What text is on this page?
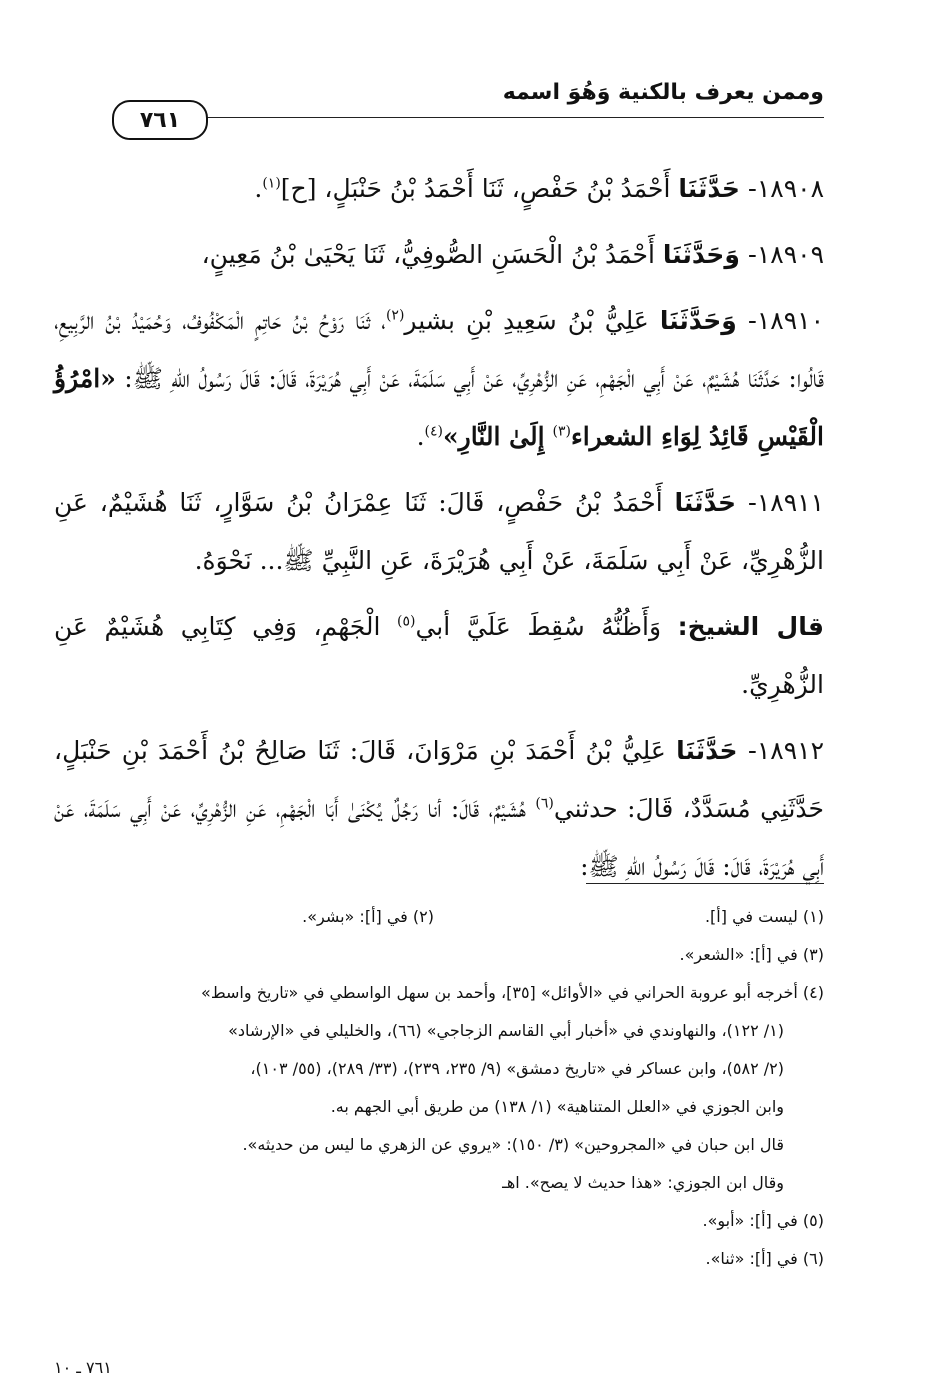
وممن يعرف بالكنية وَهُوَ اسمه
٧٦١

١٨٩٠٨- حَدَّثَنَا أَحْمَدُ بْنُ حَفْصٍ، ثَنَا أَحْمَدُ بْنُ حَنْبَلٍ، [ح]$^{(١)}$.

١٨٩٠٩- وَحَدَّثَنَا أَحْمَدُ بْنُ الْحَسَنِ الصُّوفِيُّ، ثَنَا يَحْيَىٰ بْنُ مَعِينٍ،

١٨٩١٠- وَحَدَّثَنَا عَلِيُّ بْنُ سَعِيدِ بْنِ بشير$^{(٢)}$، ثَنَا رَوْحُ بْنُ حَاتِمٍ الْمَكْفُوفُ، وَحُمَيْدُ بْنُ الرَّبِيعِ، قَالُوا: حَدَّثَنَا هُشَيْمٌ، عَنْ أَبِي الْجَهْمِ، عَنِ الزُّهْرِيِّ، عَنْ أَبِي سَلَمَةَ، عَنْ أَبِي هُرَيْرَةَ، قَالَ: قَالَ رَسُولُ اللهِ ﷺ: «امْرُؤُ الْقَيْسِ قَائِدُ لِوَاءِ الشعراء$^{(٣)}$ إِلَىٰ النَّارِ»$^{(٤)}$.

١٨٩١١- حَدَّثَنَا أَحْمَدُ بْنُ حَفْصٍ، قَالَ: ثَنَا عِمْرَانُ بْنُ سَوَّارٍ، ثَنَا هُشَيْمٌ، عَنِ الزُّهْرِيِّ، عَنْ أَبِي سَلَمَةَ، عَنْ أَبِي هُرَيْرَةَ، عَنِ النَّبِيِّ ﷺ... نَحْوَهُ.

قال الشيخ: وَأَظُنُّهُ سُقِطَ عَلَيَّ أبي$^{(٥)}$ الْجَهْمِ، وَفِي كِتَابِي هُشَيْمٌ عَنِ الزُّهْرِيِّ.

١٨٩١٢- حَدَّثَنَا عَلِيُّ بْنُ أَحْمَدَ بْنِ مَرْوَانَ، قَالَ: ثَنَا صَالِحُ بْنُ أَحْمَدَ بْنِ حَنْبَلٍ، حَدَّثَنِي مُسَدَّدٌ، قَالَ: حدثني$^{(٦)}$ هُشَيْمٌ، قَالَ: أنا رَجُلٌ يُكْنَىٰ أَبَا الْجَهْمِ، عَنِ الزُّهْرِيِّ، عَنْ أَبِي سَلَمَةَ، عَنْ أَبِي هُرَيْرَةَ، قَالَ: قَالَ رَسُولُ اللهِ ﷺ:

(١) ليست في [أ].

(٢) في [أ]: «بشر».

(٣) في [أ]: «الشعر».

(٤) أخرجه أبو عروبة الحراني في «الأوائل» [٣٥]، وأحمد بن سهل الواسطي في «تاريخ واسط»

(١/ ١٢٢)، والنهاوندي في «أخبار أبي القاسم الزجاجي» (٦٦)، والخليلي في «الإرشاد»

(٢/ ٥٨٢)، وابن عساكر في «تاريخ دمشق» (٩/ ٢٣٥، ٢٣٩)، (٣٣/ ٢٨٩)، (٥٥/ ١٠٣)،

وابن الجوزي في «العلل المتناهية» (١/ ١٣٨) من طريق أبي الجهم به.

قال ابن حبان في «المجروحين» (٣/ ١٥٠): «يروي عن الزهري ما ليس من حديثه».

وقال ابن الجوزي: «هذا حديث لا يصح». اهـ

(٥) في [أ]: «أبو».

(٦) في [أ]: «ثنا».

٧٦١ ـ ١٠
